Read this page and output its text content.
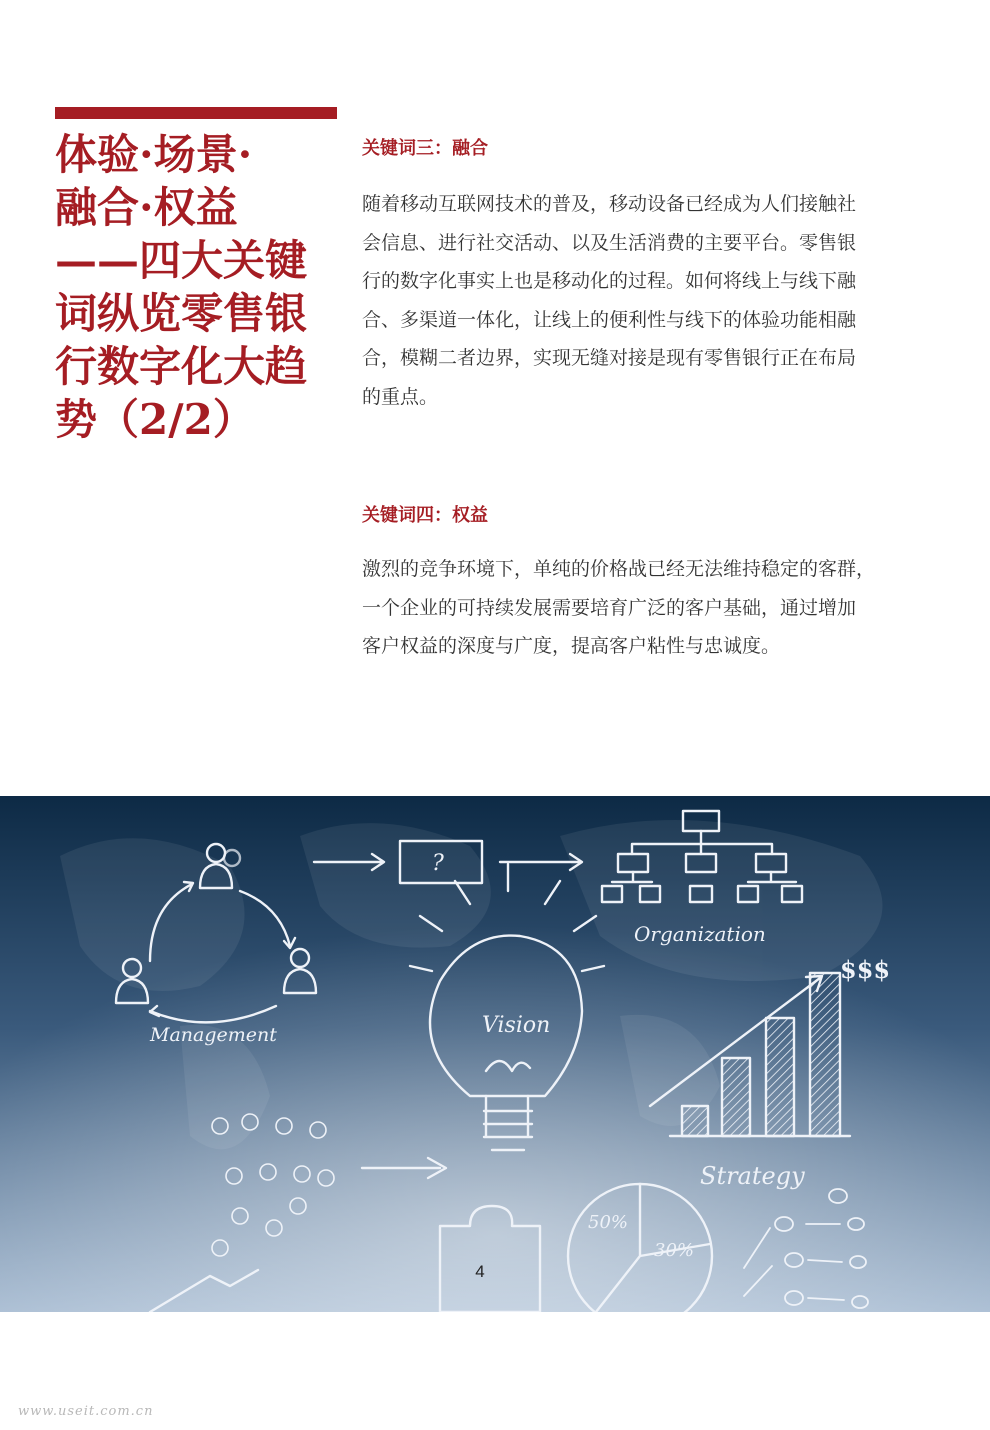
体验·场景·
融合·权益
——四大关键
词纵览零售银
行数字化大趋
势（2/2）
关键词三：融合
随着移动互联网技术的普及，移动设备已经成为人们接触社
会信息、进行社交活动、以及生活消费的主要平台。零售银
行的数字化事实上也是移动化的过程。如何将线上与线下融
合、多渠道一体化，让线上的便利性与线下的体验功能相融
合，模糊二者边界，实现无缝对接是现有零售银行正在布局
的重点。
关键词四：权益
激烈的竞争环境下，单纯的价格战已经无法维持稳定的客群，
一个企业的可持续发展需要培育广泛的客户基础，通过增加
客户权益的深度与广度，提高客户粘性与忠诚度。
?
Organization
Management	Vision
$$$
Strategy
50%
30%
4
www.useit.com.cn
